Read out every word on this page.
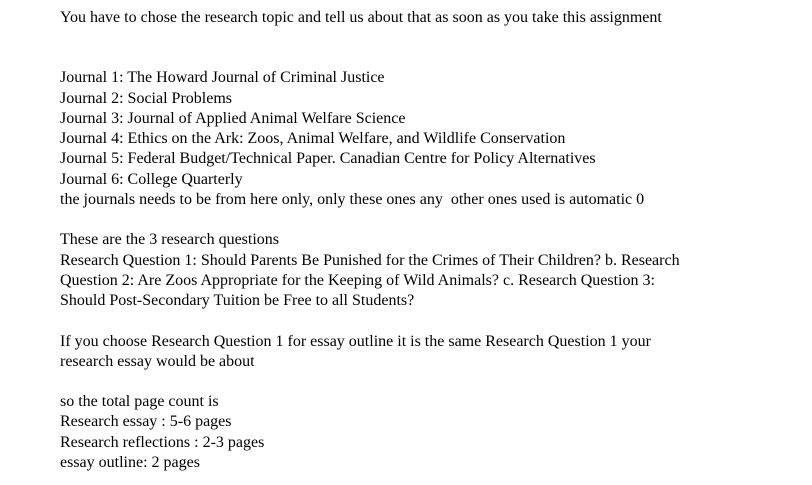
You have to chose the research topic and tell us about that as soon as you take this assignment
Journal 1: The Howard Journal of Criminal Justice
Journal 2: Social Problems
Journal 3: Journal of Applied Animal Welfare Science
Journal 4: Ethics on the Ark: Zoos, Animal Welfare, and Wildlife Conservation
Journal 5: Federal Budget/Technical Paper. Canadian Centre for Policy Alternatives
Journal 6: College Quarterly
the journals needs to be from here only, only these ones any  other ones used is automatic 0
These are the 3 research questions
Research Question 1: Should Parents Be Punished for the Crimes of Their Children? b. Research
Question 2: Are Zoos Appropriate for the Keeping of Wild Animals? c. Research Question 3:
Should Post-Secondary Tuition be Free to all Students?
If you choose Research Question 1 for essay outline it is the same Research Question 1 your
research essay would be about
so the total page count is
Research essay : 5-6 pages
Research reflections : 2-3 pages
essay outline: 2 pages
